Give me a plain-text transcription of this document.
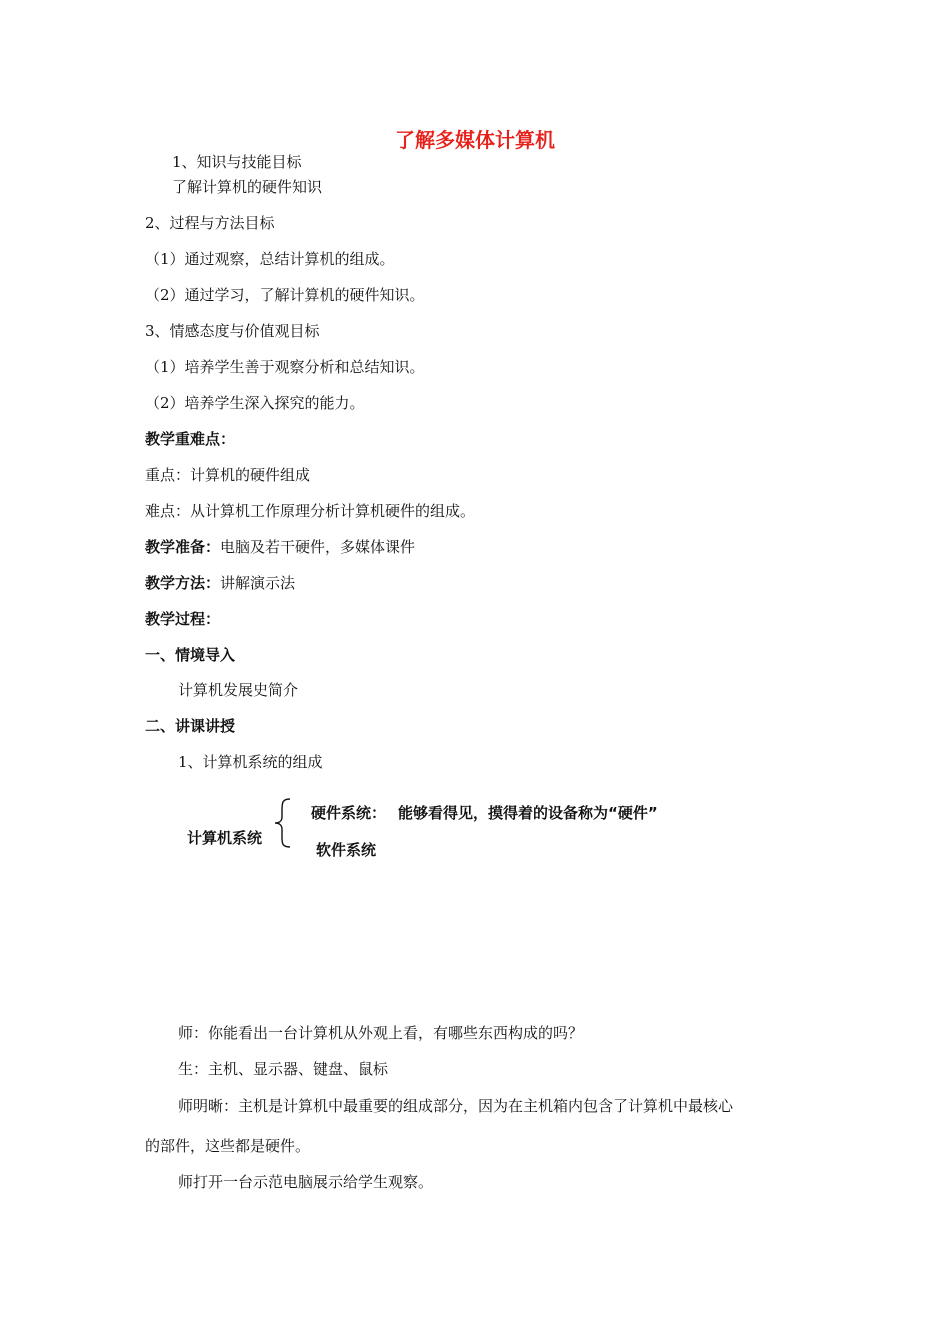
了解多媒体计算机
1、知识与技能目标
了解计算机的硬件知识
2、过程与方法目标
（1）通过观察，总结计算机的组成。
（2）通过学习，了解计算机的硬件知识。
3、情感态度与价值观目标
（1）培养学生善于观察分析和总结知识。
（2）培养学生深入探究的能力。
教学重难点：
重点：计算机的硬件组成
难点：从计算机工作原理分析计算机硬件的组成。
教学准备：电脑及若干硬件，多媒体课件
教学方法：讲解演示法
教学过程：
一、情境导入
计算机发展史简介
二、讲课讲授
1、计算机系统的组成
计算机系统
硬件系统： 能够看得见，摸得着的设备称为“硬件”
软件系统
师：你能看出一台计算机从外观上看，有哪些东西构成的吗？
生：主机、显示器、键盘、鼠标
师明晰：主机是计算机中最重要的组成部分，因为在主机箱内包含了计算机中最核心
的部件，这些都是硬件。
师打开一台示范电脑展示给学生观察。
